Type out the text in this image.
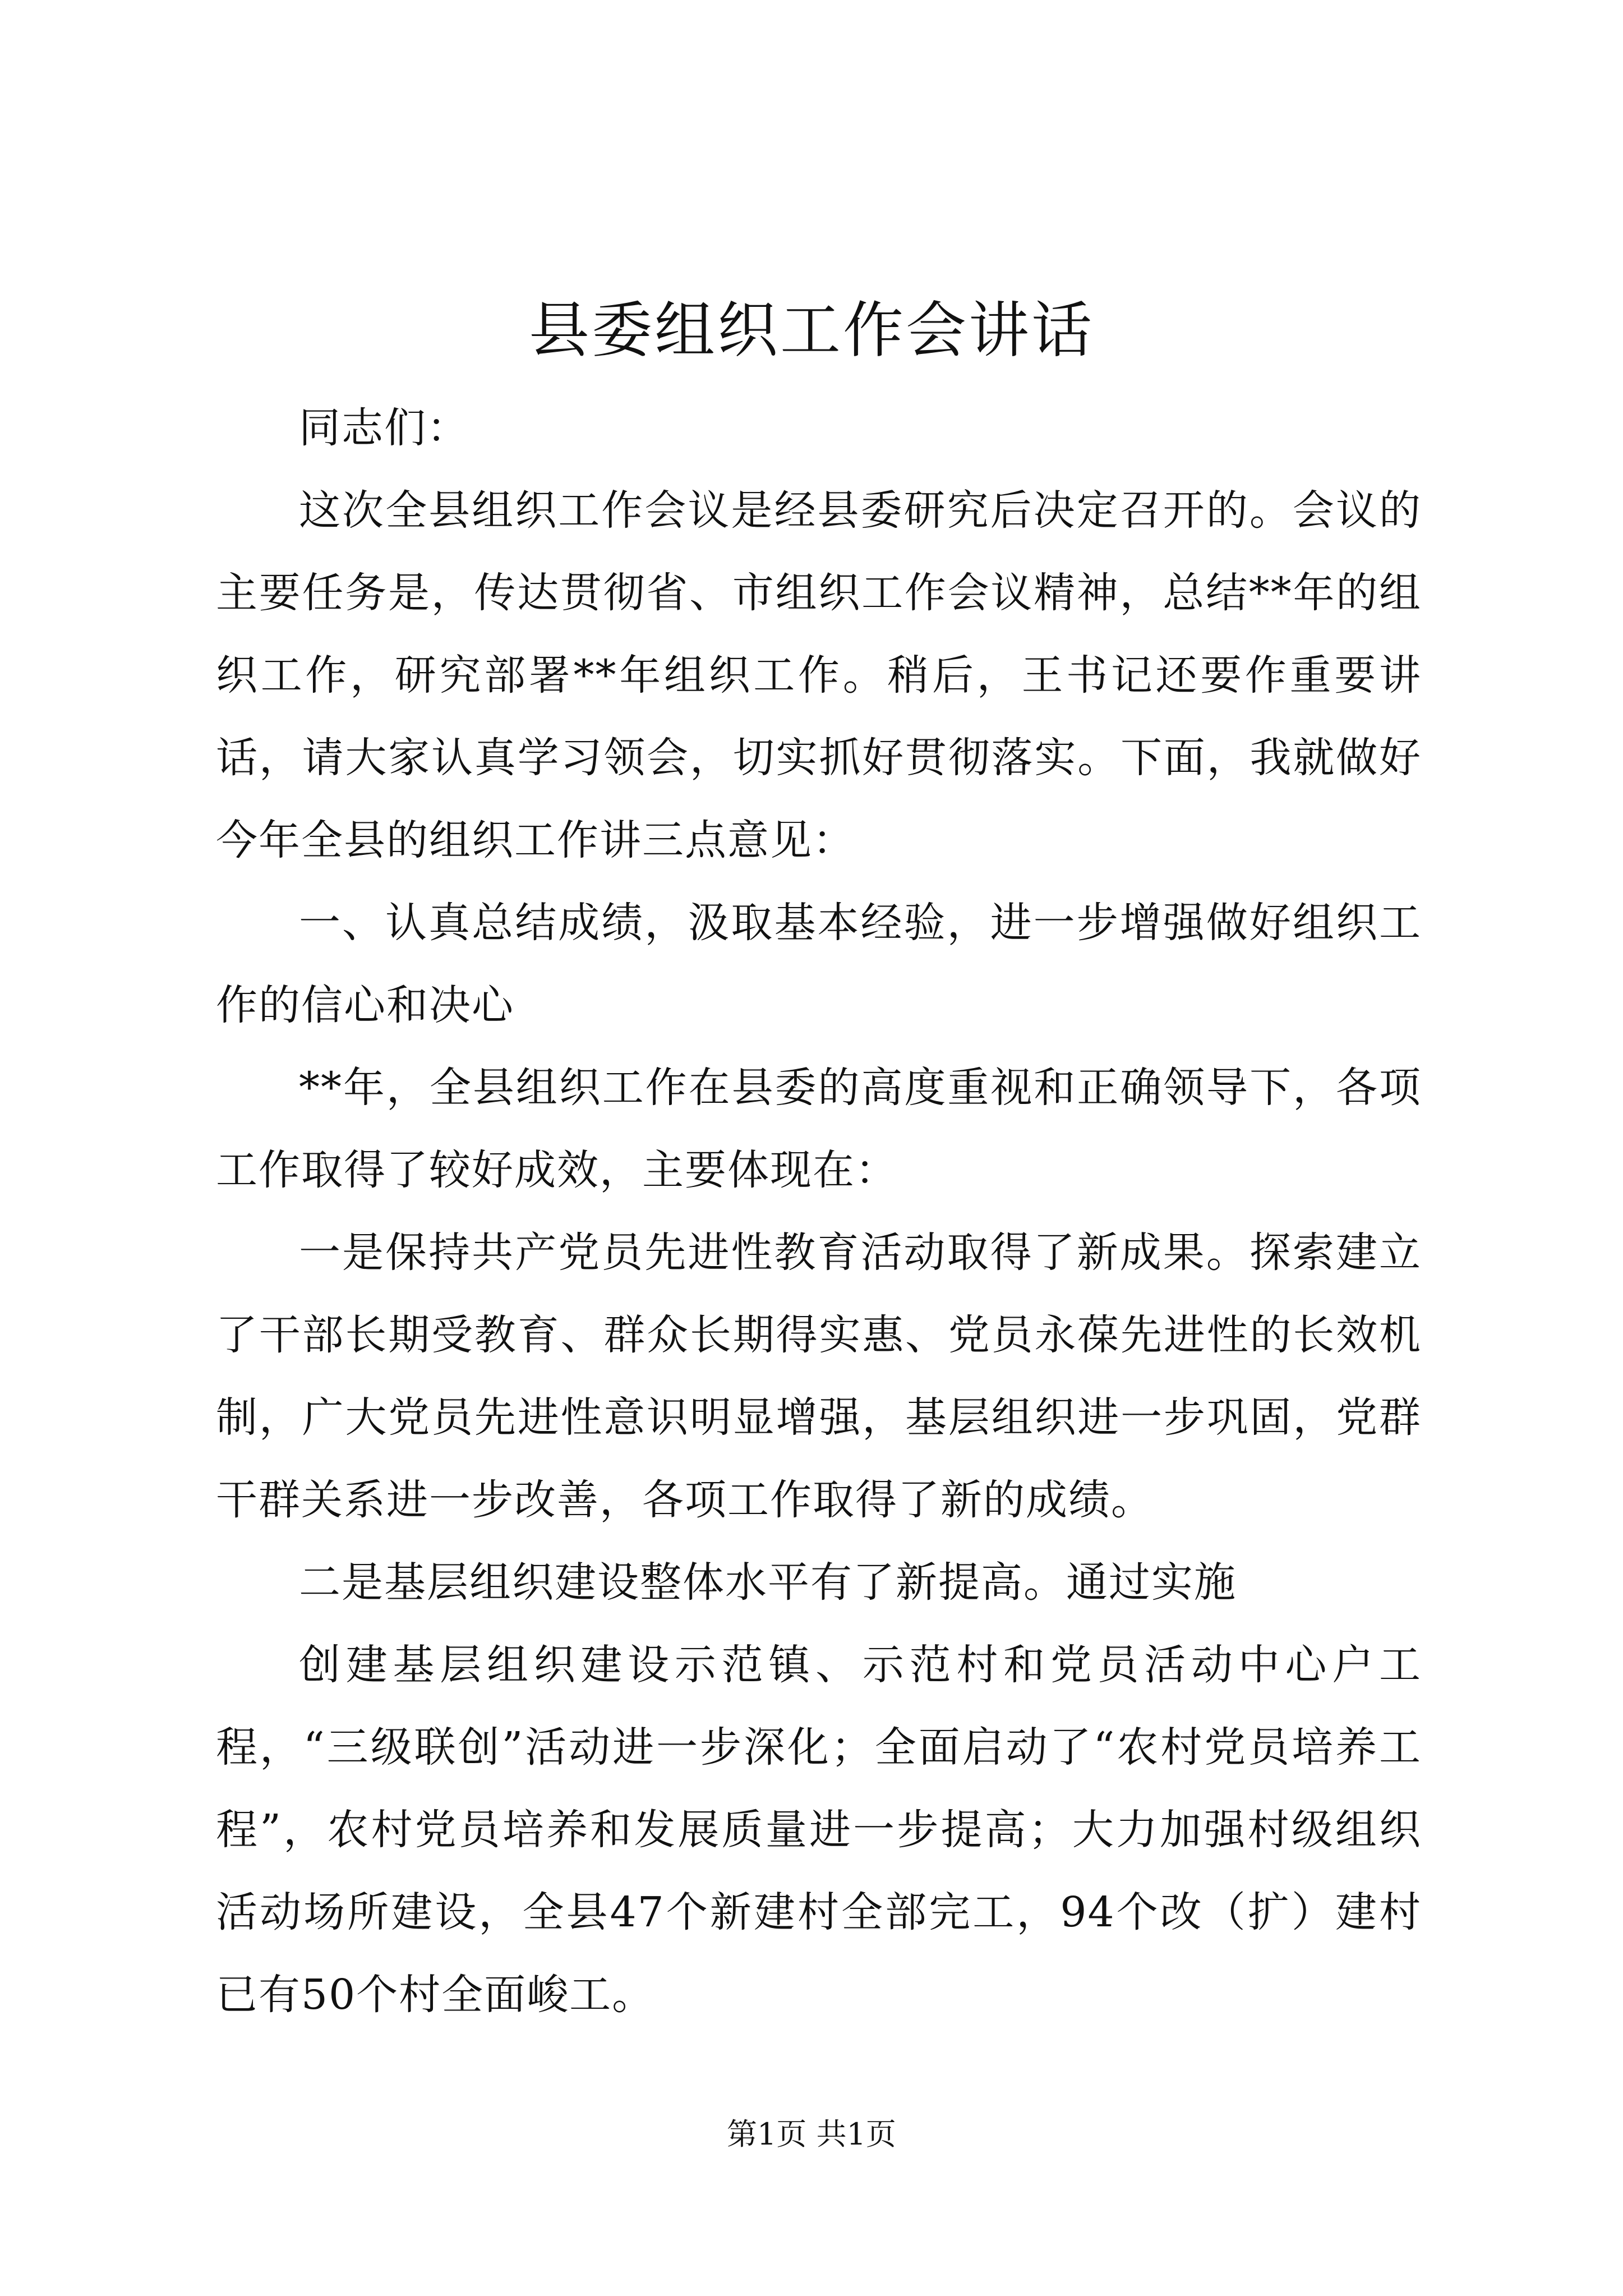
县委组织工作会讲话

同志们：

这次全县组织工作会议是经县委研究后决定召开的。会议的主要任务是，传达贯彻省、市组织工作会议精神，总结**年的组织工作，研究部署**年组织工作。稍后，王书记还要作重要讲话，请大家认真学习领会，切实抓好贯彻落实。下面，我就做好今年全县的组织工作讲三点意见：

一、认真总结成绩，汲取基本经验，进一步增强做好组织工作的信心和决心

**年，全县组织工作在县委的高度重视和正确领导下，各项工作取得了较好成效，主要体现在：

一是保持共产党员先进性教育活动取得了新成果。探索建立了干部长期受教育、群众长期得实惠、党员永葆先进性的长效机制，广大党员先进性意识明显增强，基层组织进一步巩固，党群干群关系进一步改善，各项工作取得了新的成绩。

二是基层组织建设整体水平有了新提高。通过实施

创建基层组织建设示范镇、示范村和党员活动中心户工程，“三级联创”活动进一步深化；全面启动了“农村党员培养工程”，农村党员培养和发展质量进一步提高；大力加强村级组织活动场所建设，全县47个新建村全部完工，94个改（扩）建村已有50个村全面峻工。

第1页 共1页
